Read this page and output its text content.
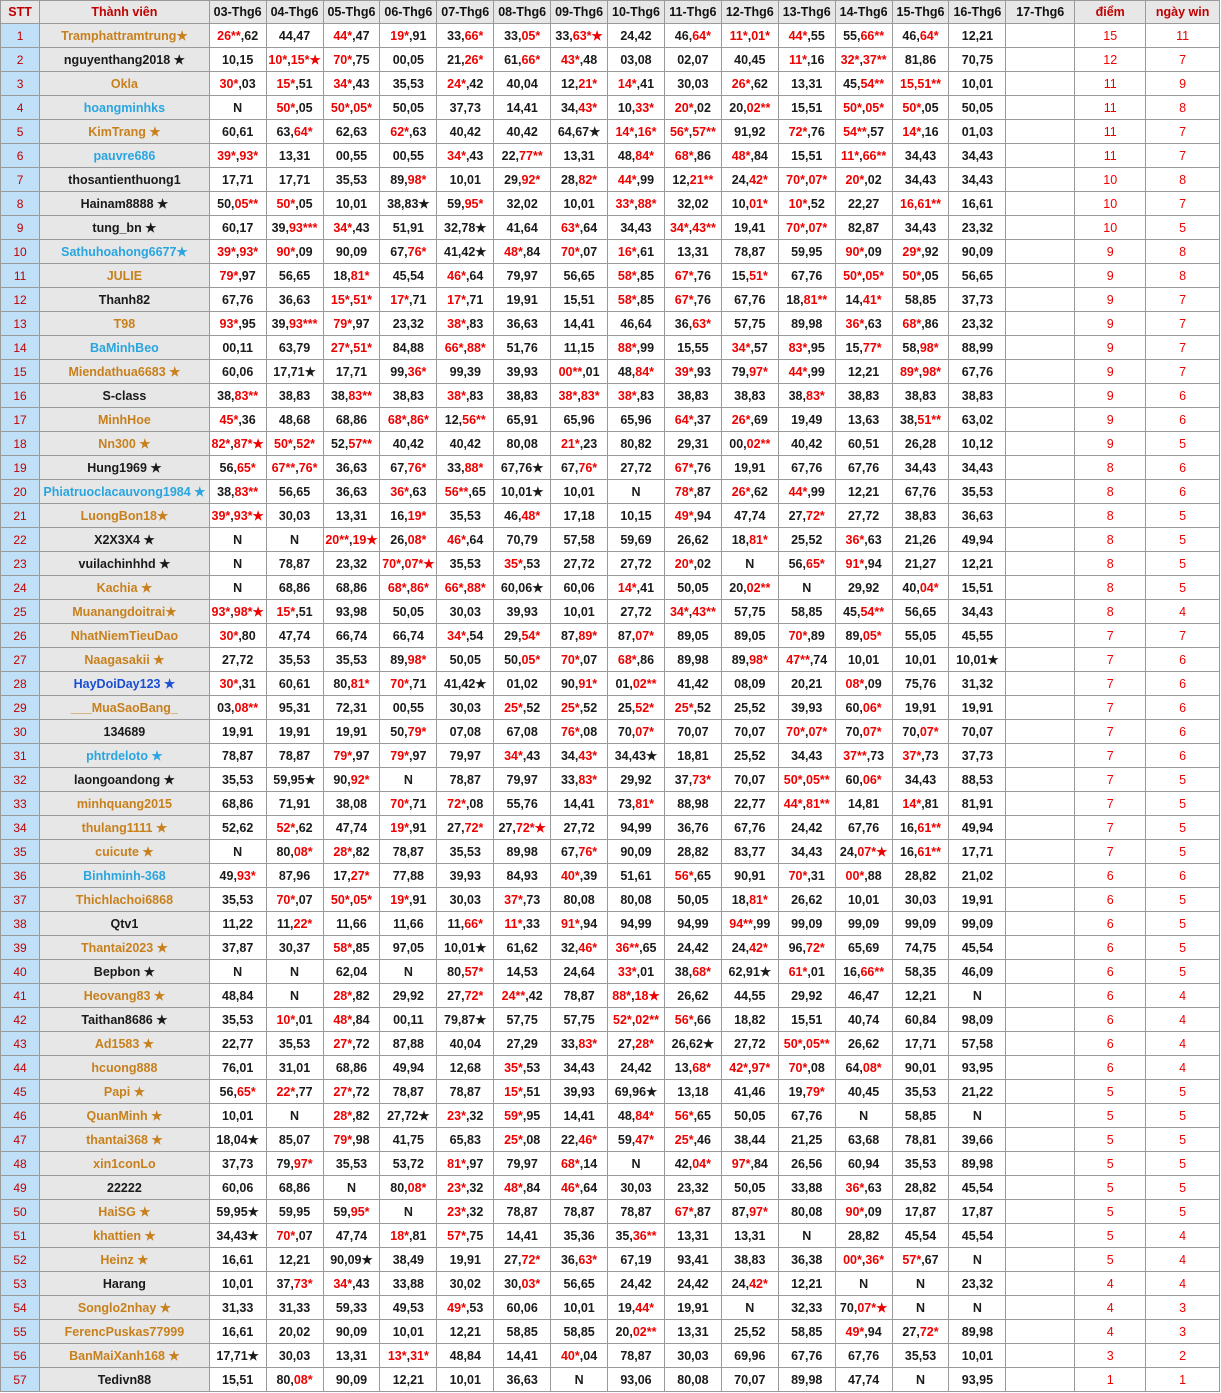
STT	Thành viên	03-Thg6	04-Thg6	05-Thg6	06-Thg6	07-Thg6	08-Thg6	09-Thg6	10-Thg6	11-Thg6	12-Thg6	13-Thg6	14-Thg6	15-Thg6	16-Thg6	17-Thg6	điểm	ngày win
1	Tramphattramtrung★	26**,62	44,47	44*,47	19*,91	33,66*	33,05*	33,63*★	24,42	46,64*	11*,01*	44*,55	55,66**	46,64*	12,21		15	11
2	nguyenthang2018 ★	10,15	10*,15*★	70*,75	00,05	21,26*	61,66*	43*,48	03,08	02,07	40,45	11*,16	32*,37**	81,86	70,75		12	7
3	Okla	30*,03	15*,51	34*,43	35,53	24*,42	40,04	12,21*	14*,41	30,03	26*,62	13,31	45,54**	15,51**	10,01		11	9
4	hoangminhks	N	50*,05	50*,05*	50,05	37,73	14,41	34,43*	10,33*	20*,02	20,02**	15,51	50*,05*	50*,05	50,05		11	8
5	KimTrang ★	60,61	63,64*	62,63	62*,63	40,42	40,42	64,67★	14*,16*	56*,57**	91,92	72*,76	54**,57	14*,16	01,03		11	7
6	pauvre686	39*,93*	13,31	00,55	00,55	34*,43	22,77**	13,31	48,84*	68*,86	48*,84	15,51	11*,66**	34,43	34,43		11	7
7	thosantienthuong1	17,71	17,71	35,53	89,98*	10,01	29,92*	28,82*	44*,99	12,21**	24,42*	70*,07*	20*,02	34,43	34,43		10	8
8	Hainam8888 ★	50,05**	50*,05	10,01	38,83★	59,95*	32,02	10,01	33*,88*	32,02	10,01*	10*,52	22,27	16,61**	16,61		10	7
9	tung_bn ★	60,17	39,93***	34*,43	51,91	32,78★	41,64	63*,64	34,43	34*,43**	19,41	70*,07*	82,87	34,43	23,32		10	5
10	Sathuhoahong6677★	39*,93*	90*,09	90,09	67,76*	41,42★	48*,84	70*,07	16*,61	13,31	78,87	59,95	90*,09	29*,92	90,09		9	8
11	JULIE	79*,97	56,65	18,81*	45,54	46*,64	79,97	56,65	58*,85	67*,76	15,51*	67,76	50*,05*	50*,05	56,65		9	8
12	Thanh82	67,76	36,63	15*,51*	17*,71	17*,71	19,91	15,51	58*,85	67*,76	67,76	18,81**	14,41*	58,85	37,73		9	7
13	T98	93*,95	39,93***	79*,97	23,32	38*,83	36,63	14,41	46,64	36,63*	57,75	89,98	36*,63	68*,86	23,32		9	7
14	BaMinhBeo	00,11	63,79	27*,51*	84,88	66*,88*	51,76	11,15	88*,99	15,55	34*,57	83*,95	15,77*	58,98*	88,99		9	7
15	Miendathua6683 ★	60,06	17,71★	17,71	99,36*	99,39	39,93	00**,01	48,84*	39*,93	79,97*	44*,99	12,21	89*,98*	67,76		9	7
16	S-class	38,83**	38,83	38,83**	38,83	38*,83	38,83	38*,83*	38*,83	38,83	38,83	38,83*	38,83	38,83	38,83		9	6
17	MinhHoe	45*,36	48,68	68,86	68*,86*	12,56**	65,91	65,96	65,96	64*,37	26*,69	19,49	13,63	38,51**	63,02		9	6
18	Nn300 ★	82*,87*★	50*,52*	52,57**	40,42	40,42	80,08	21*,23	80,82	29,31	00,02**	40,42	60,51	26,28	10,12		9	5
19	Hung1969 ★	56,65*	67**,76*	36,63	67,76*	33,88*	67,76★	67,76*	27,72	67*,76	19,91	67,76	67,76	34,43	34,43		8	6
20	Phiatruoclacauvong1984 ★	38,83**	56,65	36,63	36*,63	56**,65	10,01★	10,01	N	78*,87	26*,62	44*,99	12,21	67,76	35,53		8	6
21	LuongBon18★	39*,93*★	30,03	13,31	16,19*	35,53	46,48*	17,18	10,15	49*,94	47,74	27,72*	27,72	38,83	36,63		8	5
22	X2X3X4 ★	N	N	20**,19★	26,08*	46*,64	70,79	57,58	59,69	26,62	18,81*	25,52	36*,63	21,26	49,94		8	5
23	vuilachinhhd ★	N	78,87	23,32	70*,07*★	35,53	35*,53	27,72	27,72	20*,02	N	56,65*	91*,94	21,27	12,21		8	5
24	Kachia ★	N	68,86	68,86	68*,86*	66*,88*	60,06★	60,06	14*,41	50,05	20,02**	N	29,92	40,04*	15,51		8	5
25	Muanangdoitrai★	93*,98*★	15*,51	93,98	50,05	30,03	39,93	10,01	27,72	34*,43**	57,75	58,85	45,54**	56,65	34,43		8	4
26	NhatNiemTieuDao	30*,80	47,74	66,74	66,74	34*,54	29,54*	87,89*	87,07*	89,05	89,05	70*,89	89,05*	55,05	45,55		7	7
27	Naagasakii ★	27,72	35,53	35,53	89,98*	50,05	50,05*	70*,07	68*,86	89,98	89,98*	47**,74	10,01	10,01	10,01★		7	6
28	HayDoiDay123 ★	30*,31	60,61	80,81*	70*,71	41,42★	01,02	90,91*	01,02**	41,42	08,09	20,21	08*,09	75,76	31,32		7	6
29	___MuaSaoBang_	03,08**	95,31	72,31	00,55	30,03	25*,52	25*,52	25,52*	25*,52	25,52	39,93	60,06*	19,91	19,91		7	6
30	134689	19,91	19,91	19,91	50,79*	07,08	67,08	76*,08	70,07*	70,07	70,07	70*,07*	70,07*	70,07*	70,07		7	6
31	phtrdeloto ★	78,87	78,87	79*,97	79*,97	79,97	34*,43	34,43*	34,43★	18,81	25,52	34,43	37**,73	37*,73	37,73		7	6
32	laongoandong ★	35,53	59,95★	90,92*	N	78,87	79,97	33,83*	29,92	37,73*	70,07	50*,05**	60,06*	34,43	88,53		7	5
33	minhquang2015	68,86	71,91	38,08	70*,71	72*,08	55,76	14,41	73,81*	88,98	22,77	44*,81**	14,81	14*,81	81,91		7	5
34	thulang1111 ★	52,62	52*,62	47,74	19*,91	27,72*	27,72*★	27,72	94,99	36,76	67,76	24,42	67,76	16,61**	49,94		7	5
35	cuicute ★	N	80,08*	28*,82	78,87	35,53	89,98	67,76*	90,09	28,82	83,77	34,43	24,07*★	16,61**	17,71		7	5
36	Binhminh-368	49,93*	87,96	17,27*	77,88	39,93	84,93	40*,39	51,61	56*,65	90,91	70*,31	00*,88	28,82	21,02		6	6
37	Thichlachoi6868	35,53	70*,07	50*,05*	19*,91	30,03	37*,73	80,08	80,08	50,05	18,81*	26,62	10,01	30,03	19,91		6	5
38	Qtv1	11,22	11,22*	11,66	11,66	11,66*	11*,33	91*,94	94,99	94,99	94**,99	99,09	99,09	99,09	99,09		6	5
39	Thantai2023 ★	37,87	30,37	58*,85	97,05	10,01★	61,62	32,46*	36**,65	24,42	24,42*	96,72*	65,69	74,75	45,54		6	5
40	Bepbon ★	N	N	62,04	N	80,57*	14,53	24,64	33*,01	38,68*	62,91★	61*,01	16,66**	58,35	46,09		6	5
41	Heovang83 ★	48,84	N	28*,82	29,92	27,72*	24**,42	78,87	88*,18★	26,62	44,55	29,92	46,47	12,21	N		6	4
42	Taithan8686 ★	35,53	10*,01	48*,84	00,11	79,87★	57,75	57,75	52*,02**	56*,66	18,82	15,51	40,74	60,84	98,09		6	4
43	Ad1583 ★	22,77	35,53	27*,72	87,88	40,04	27,29	33,83*	27,28*	26,62★	27,72	50*,05**	26,62	17,71	57,58		6	4
44	hcuong888	76,01	31,01	68,86	49,94	12,68	35*,53	34,43	24,42	13,68*	42*,97*	70*,08	64,08*	90,01	93,95		6	4
45	Papi ★	56,65*	22*,77	27*,72	78,87	78,87	15*,51	39,93	69,96★	13,18	41,46	19,79*	40,45	35,53	21,22		5	5
46	QuanMinh ★	10,01	N	28*,82	27,72★	23*,32	59*,95	14,41	48,84*	56*,65	50,05	67,76	N	58,85	N		5	5
47	thantai368 ★	18,04★	85,07	79*,98	41,75	65,83	25*,08	22,46*	59,47*	25*,46	38,44	21,25	63,68	78,81	39,66		5	5
48	xin1conLo	37,73	79,97*	35,53	53,72	81*,97	79,97	68*,14	N	42,04*	97*,84	26,56	60,94	35,53	89,98		5	5
49	22222	60,06	68,86	N	80,08*	23*,32	48*,84	46*,64	30,03	23,32	50,05	33,88	36*,63	28,82	45,54		5	5
50	HaiSG ★	59,95★	59,95	59,95*	N	23*,32	78,87	78,87	78,87	67*,87	87,97*	80,08	90*,09	17,87	17,87		5	5
51	khattien ★	34,43★	70*,07	47,74	18*,81	57*,75	14,41	35,36	35,36**	13,31	13,31	N	28,82	45,54	45,54		5	4
52	Heinz ★	16,61	12,21	90,09★	38,49	19,91	27,72*	36,63*	67,19	93,41	38,83	36,38	00*,36*	57*,67	N		5	4
53	Harang	10,01	37,73*	34*,43	33,88	30,02	30,03*	56,65	24,42	24,42	24,42*	12,21	N	N	23,32		4	4
54	Songlo2nhay ★	31,33	31,33	59,33	49,53	49*,53	60,06	10,01	19,44*	19,91	N	32,33	70,07*★	N	N		4	3
55	FerencPuskas77999	16,61	20,02	90,09	10,01	12,21	58,85	58,85	20,02**	13,31	25,52	58,85	49*,94	27,72*	89,98		4	3
56	BanMaiXanh168 ★	17,71★	30,03	13,31	13*,31*	48,84	14,41	40*,04	78,87	30,03	69,96	67,76	67,76	35,53	10,01		3	2
57	Tedivn88	15,51	80,08*	90,09	12,21	10,01	36,63	N	93,06	80,08	70,07	89,98	47,74	N	93,95		1	1
